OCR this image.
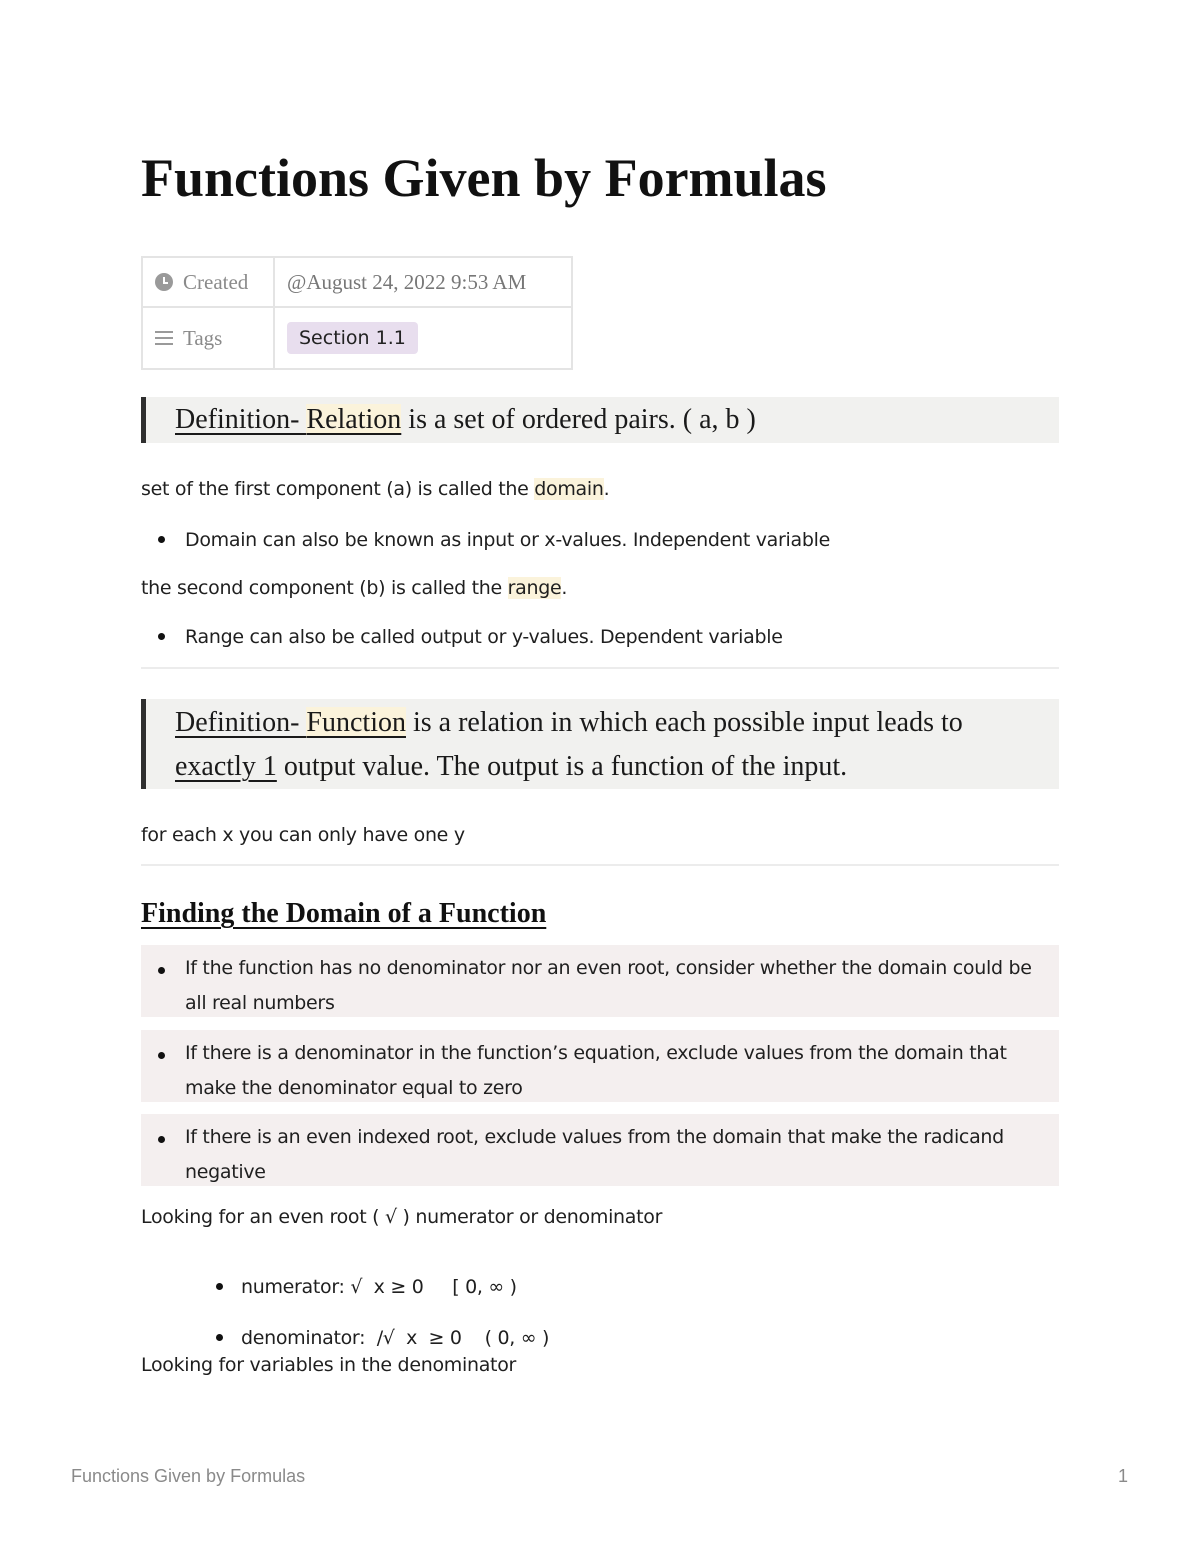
Functions Given by Formulas
Created	@August 24, 2022 9:53 AM

Tags	Section 1.1
Definition- Relation is a set of ordered pairs. ( a, b )
set of the first component (a) is called the domain.
Domain can also be known as input or x-values. Independent variable
the second component (b) is called the range.
Range can also be called output or y-values. Dependent variable
Definition- Function is a relation in which each possible input leads to
exactly 1 output value. The output is a function of the input.
for each x you can only have one y
Finding the Domain of a Function
If the function has no denominator nor an even root, consider whether the domain could be all real numbers
If there is a denominator in the function’s equation, exclude values from the domain that make the denominator equal to zero
If there is an even indexed root, exclude values from the domain that make the radicand negative
Looking for an even root ( √ ) numerator or denominator

numerator: √  x ≥ 0     [ 0, ∞ )

denominator:  /√  x  ≥ 0    ( 0, ∞ )

Looking for variables in the denominator
Functions Given by Formulas	1
